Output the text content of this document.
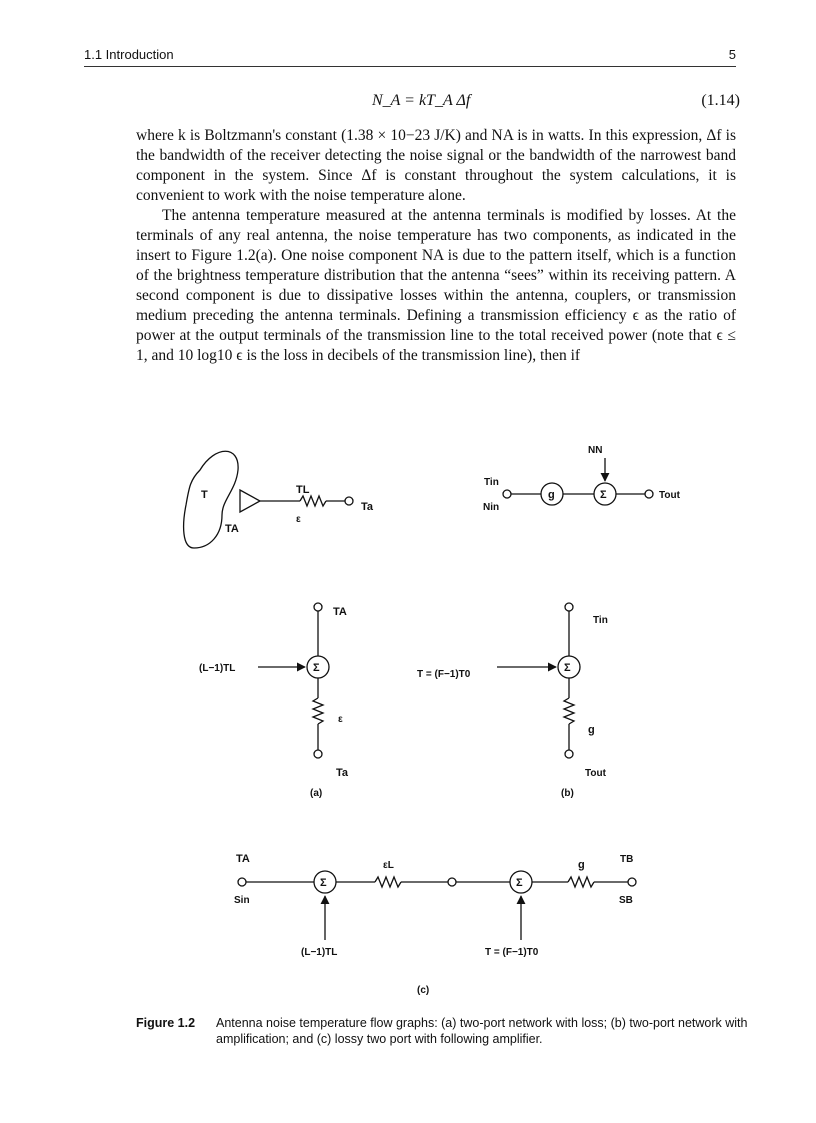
1.1 Introduction	5
N_A = kT_A Δf	(1.14)

where k is Boltzmann's constant (1.38 × 10−23 J/K) and NA is in watts. In this expression, Δf is the bandwidth of the receiver detecting the noise signal or the bandwidth of the narrowest band component in the system. Since Δf is constant throughout the system calculations, it is convenient to work with the noise temperature alone.

The antenna temperature measured at the antenna terminals is modified by losses. At the terminals of any real antenna, the noise temperature has two components, as indicated in the insert to Figure 1.2(a). One noise component NA is due to the pattern itself, which is a function of the brightness temperature distribution that the antenna “sees” within its receiving pattern. A second component is due to dissipative losses within the antenna, couplers, or transmission medium preceding the antenna terminals. Defining a transmission efficiency ϵ as the ratio of power at the output terminals of the transmission line to the total received power (note that ϵ ≤ 1, and 10 log10 ϵ is the loss in decibels of the transmission line), then if

T
TA
TL
ε
Ta
Tin
Nin
g	Σ
NN
Tout
TA
(L−1)TL	Σ
ε
Ta
(a)
Tin
T = (F−1)T0
Σ
g
Tout
(b)
TA
Sin
Σ
εL
Σ
g	TB
SB
(L−1)TL	T = (F−1)T0
(c)
Figure 1.2 Antenna noise temperature flow graphs: (a) two-port network with loss; (b) two-port network with amplification; and (c) lossy two port with following amplifier.
